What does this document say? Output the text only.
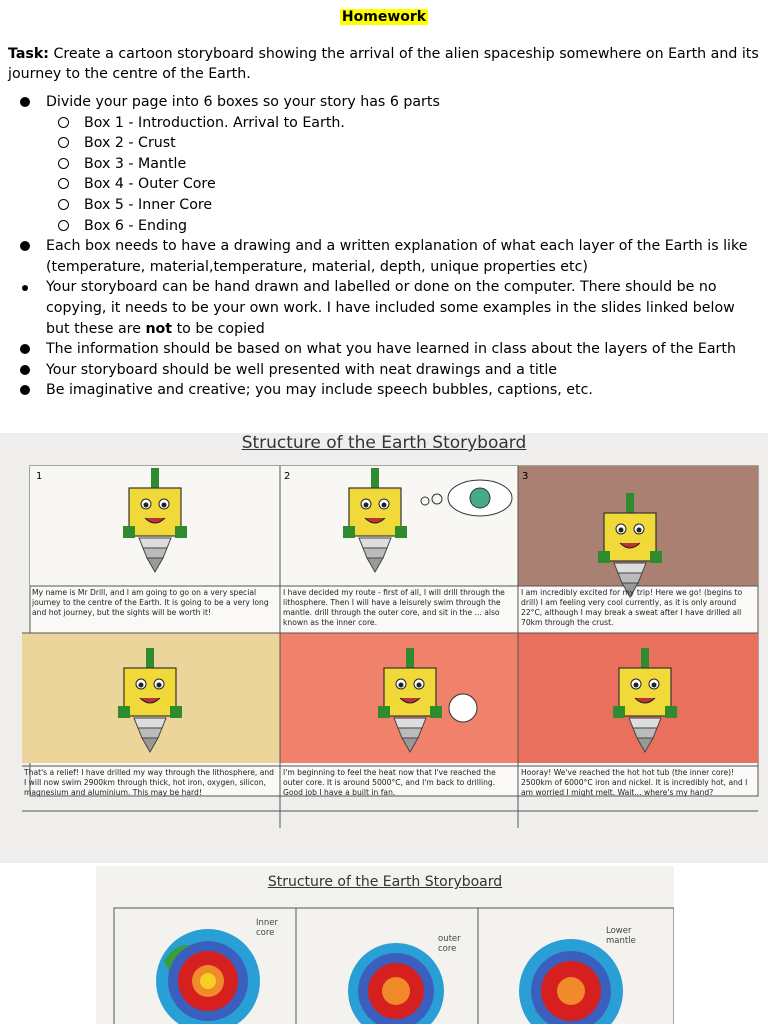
Homework
Task: Create a cartoon storyboard showing the arrival of the alien spaceship somewhere on Earth and its journey to the centre of the Earth.
Divide your page into 6 boxes so your story has 6 parts
Box 1 - Introduction. Arrival to Earth.
Box 2 - Crust
Box 3 - Mantle
Box 4 - Outer Core
Box 5 - Inner Core
Box 6 - Ending
Each box needs to have a drawing and a written explanation of what each layer of the Earth is like (temperature, material,temperature, material, depth, unique properties etc)
Your storyboard can be hand drawn and labelled or done on the computer. There should be no copying, it needs to be your own work. I have included some examples in the slides linked below but these are not to be copied
The information should be based on what you have learned in class about the layers of the Earth
Your storyboard should be well presented with neat drawings and a title
Be imaginative and creative; you may include speech bubbles, captions, etc.
Structure of the Earth Storyboard
1	2	3
My name is Mr Drill, and I am going to go on a very special journey to the centre of the Earth. It is going to be a very long and hot journey, but the sights will be worth it!
I have decided my route - first of all, I will drill through the lithosphere. Then I will have a leisurely swim through the mantle. drill through the outer core, and sit in the ... also known as the inner core.
I am incredibly excited for my trip! Here we go! (begins to drill) I am feeling very cool currently, as it is only around 22°C, although I may break a sweat after I have drilled all 70km through the crust.
That's a relief! I have drilled my way through the lithosphere, and I will now swim 2900km through thick, hot iron, oxygen, silicon, magnesium and aluminium. This may be hard!
I'm beginning to feel the heat now that I've reached the outer core. It is around 5000°C, and I'm back to drilling. Good job I have a built in fan.
Hooray! We've reached the hot hot tub (the inner core)! 2500km of 6000°C iron and nickel. It is incredibly hot, and I am worried I might melt. Wait... where's my hand?
Structure of the Earth Storyboard
Inner core
outer core
Lower mantle
